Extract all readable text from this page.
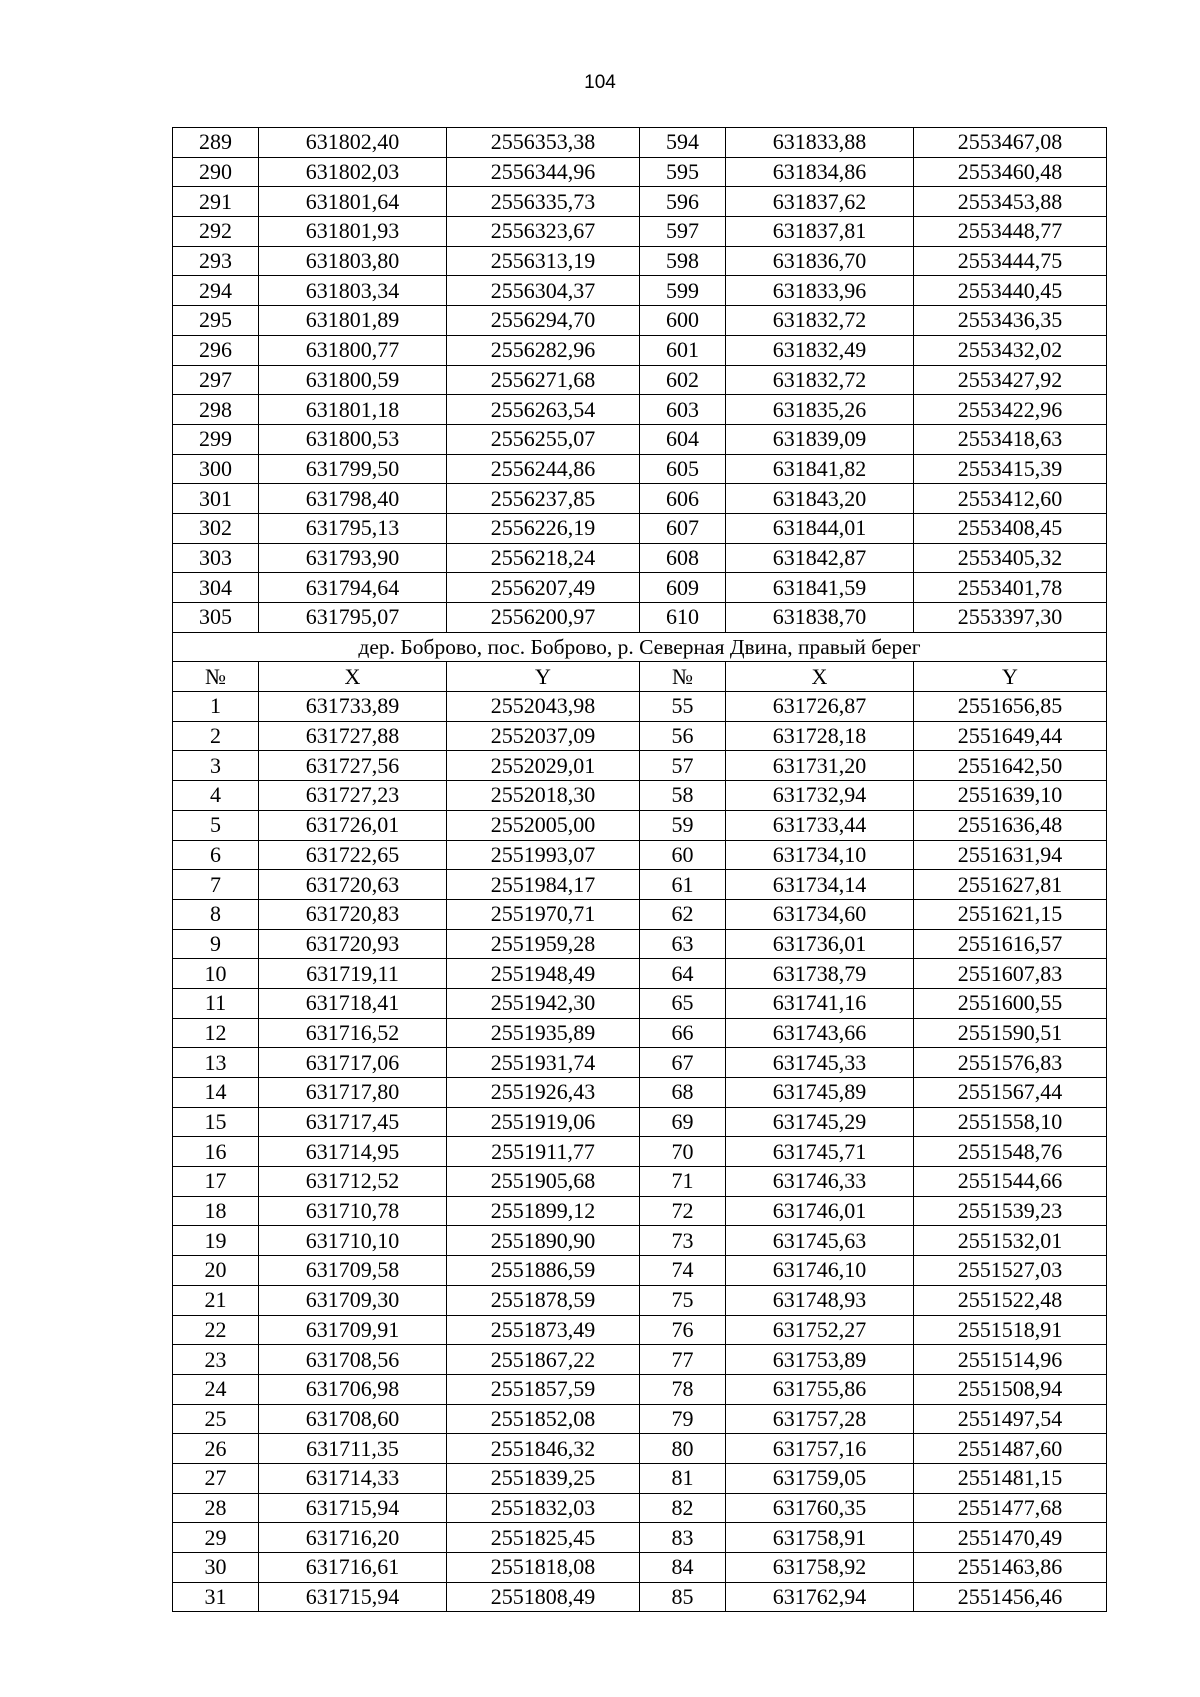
104
289	631802,40	2556353,38	594	631833,88	2553467,08
290	631802,03	2556344,96	595	631834,86	2553460,48
291	631801,64	2556335,73	596	631837,62	2553453,88
292	631801,93	2556323,67	597	631837,81	2553448,77
293	631803,80	2556313,19	598	631836,70	2553444,75
294	631803,34	2556304,37	599	631833,96	2553440,45
295	631801,89	2556294,70	600	631832,72	2553436,35
296	631800,77	2556282,96	601	631832,49	2553432,02
297	631800,59	2556271,68	602	631832,72	2553427,92
298	631801,18	2556263,54	603	631835,26	2553422,96
299	631800,53	2556255,07	604	631839,09	2553418,63
300	631799,50	2556244,86	605	631841,82	2553415,39
301	631798,40	2556237,85	606	631843,20	2553412,60
302	631795,13	2556226,19	607	631844,01	2553408,45
303	631793,90	2556218,24	608	631842,87	2553405,32
304	631794,64	2556207,49	609	631841,59	2553401,78
305	631795,07	2556200,97	610	631838,70	2553397,30
дер. Боброво, пос. Боброво, р. Северная Двина, правый берег					
№	X	Y	№	X	Y
1	631733,89	2552043,98	55	631726,87	2551656,85
2	631727,88	2552037,09	56	631728,18	2551649,44
3	631727,56	2552029,01	57	631731,20	2551642,50
4	631727,23	2552018,30	58	631732,94	2551639,10
5	631726,01	2552005,00	59	631733,44	2551636,48
6	631722,65	2551993,07	60	631734,10	2551631,94
7	631720,63	2551984,17	61	631734,14	2551627,81
8	631720,83	2551970,71	62	631734,60	2551621,15
9	631720,93	2551959,28	63	631736,01	2551616,57
10	631719,11	2551948,49	64	631738,79	2551607,83
11	631718,41	2551942,30	65	631741,16	2551600,55
12	631716,52	2551935,89	66	631743,66	2551590,51
13	631717,06	2551931,74	67	631745,33	2551576,83
14	631717,80	2551926,43	68	631745,89	2551567,44
15	631717,45	2551919,06	69	631745,29	2551558,10
16	631714,95	2551911,77	70	631745,71	2551548,76
17	631712,52	2551905,68	71	631746,33	2551544,66
18	631710,78	2551899,12	72	631746,01	2551539,23
19	631710,10	2551890,90	73	631745,63	2551532,01
20	631709,58	2551886,59	74	631746,10	2551527,03
21	631709,30	2551878,59	75	631748,93	2551522,48
22	631709,91	2551873,49	76	631752,27	2551518,91
23	631708,56	2551867,22	77	631753,89	2551514,96
24	631706,98	2551857,59	78	631755,86	2551508,94
25	631708,60	2551852,08	79	631757,28	2551497,54
26	631711,35	2551846,32	80	631757,16	2551487,60
27	631714,33	2551839,25	81	631759,05	2551481,15
28	631715,94	2551832,03	82	631760,35	2551477,68
29	631716,20	2551825,45	83	631758,91	2551470,49
30	631716,61	2551818,08	84	631758,92	2551463,86
31	631715,94	2551808,49	85	631762,94	2551456,46
